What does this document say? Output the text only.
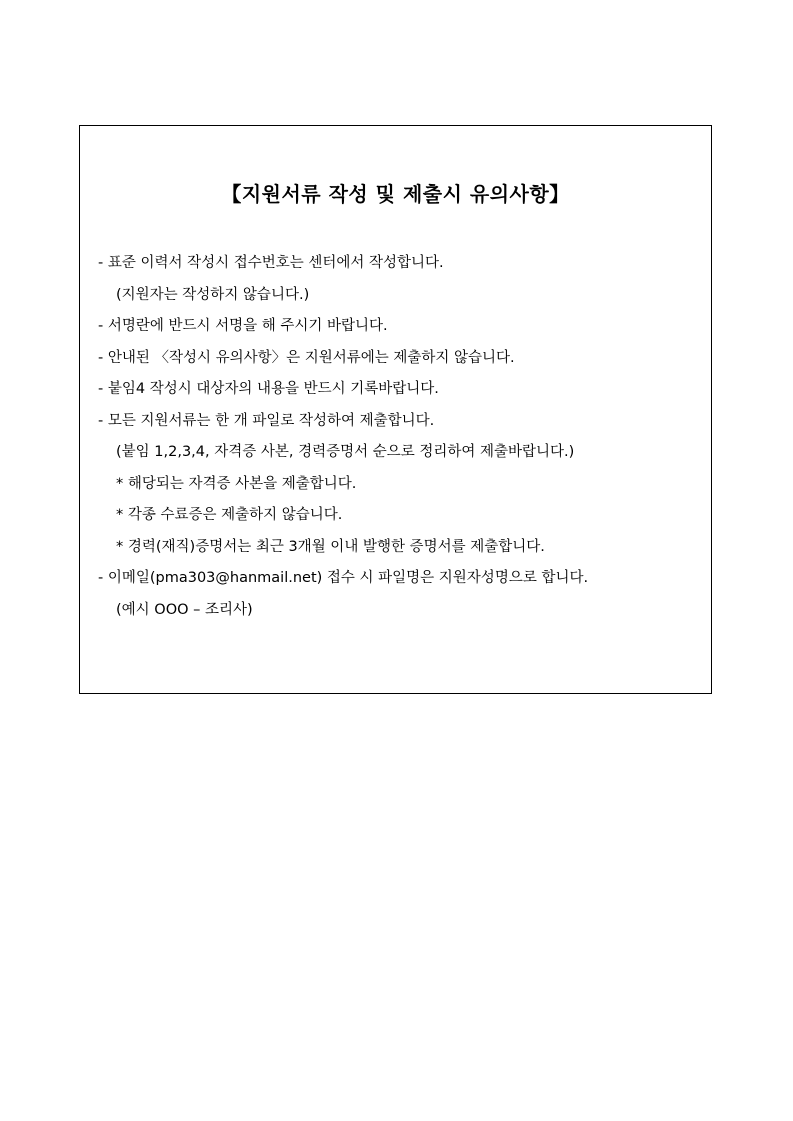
【지원서류 작성 및 제출시 유의사항】
- 표준 이력서 작성시 접수번호는 센터에서 작성합니다.
(지원자는 작성하지 않습니다.)
- 서명란에 반드시 서명을 해 주시기 바랍니다.
- 안내된 〈작성시 유의사항〉은 지원서류에는 제출하지 않습니다.
- 붙임4 작성시 대상자의 내용을 반드시 기록바랍니다.
- 모든 지원서류는 한 개 파일로 작성하여 제출합니다.
(붙임 1,2,3,4, 자격증 사본, 경력증명서 순으로 정리하여 제출바랍니다.)
* 해당되는 자격증 사본을 제출합니다.
* 각종 수료증은 제출하지 않습니다.
* 경력(재직)증명서는 최근 3개월 이내 발행한 증명서를 제출합니다.
- 이메일(pma303@hanmail.net) 접수 시 파일명은 지원자성명으로 합니다.
(예시 OOO – 조리사)
